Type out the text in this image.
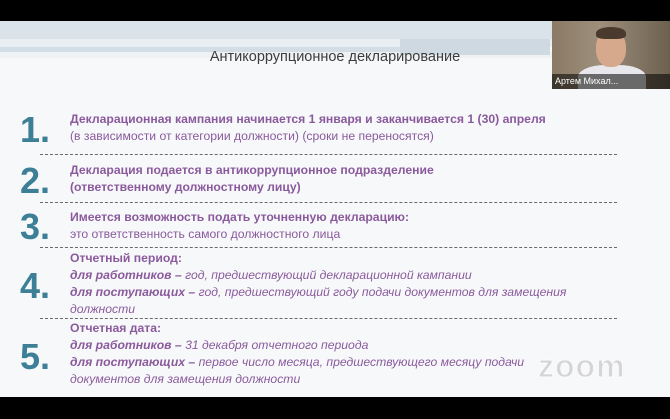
Антикоррупционное декларирование
1.	Декларационная кампания начинается 1 января и заканчивается 1 (30) апреля
(в зависимости от категории должности) (сроки не переносятся)
2.	Декларация подается в антикоррупционное подразделение
(ответственному должностному лицу)
3.	Имеется возможность подать уточненную декларацию:
это ответственность самого должностного лица
4.
Отчетный период:
для работников – год, предшествующий декларационной кампании
для поступающих – год, предшествующий году подачи документов для замещения
должности
5.
Отчетная дата:
для работников – 31 декабря отчетного периода
для поступающих – первое число месяца, предшествующего месяцу подачи
документов для замещения должности	zoom
Артем Михал...
